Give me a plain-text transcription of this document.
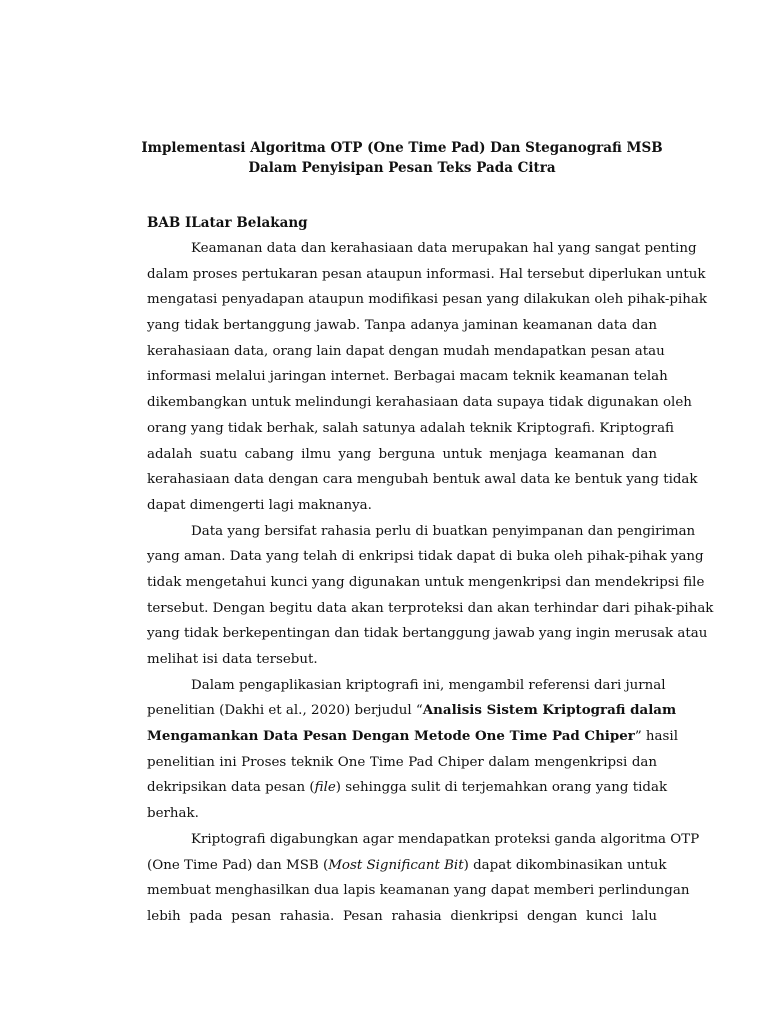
Implementasi Algoritma OTP (One Time Pad) Dan Steganografi MSB
Dalam Penyisipan Pesan Teks Pada Citra
BAB ILatar Belakang
Keamanan data dan kerahasiaan data merupakan hal yang sangat penting
dalam proses pertukaran pesan ataupun informasi. Hal tersebut diperlukan untuk
mengatasi penyadapan ataupun modifikasi pesan yang dilakukan oleh pihak-pihak
yang tidak bertanggung jawab. Tanpa adanya jaminan keamanan data dan
kerahasiaan data, orang lain dapat dengan mudah mendapatkan pesan atau
informasi melalui jaringan internet. Berbagai macam teknik keamanan telah
dikembangkan untuk melindungi kerahasiaan data supaya tidak digunakan oleh
orang yang tidak berhak, salah satunya adalah teknik Kriptografi. Kriptografi
adalah suatu cabang ilmu yang berguna untuk menjaga keamanan dan
kerahasiaan data dengan cara mengubah bentuk awal data ke bentuk yang tidak
dapat dimengerti lagi maknanya.
Data yang bersifat rahasia perlu di buatkan penyimpanan dan pengiriman
yang aman. Data yang telah di enkripsi tidak dapat di buka oleh pihak-pihak yang
tidak mengetahui kunci yang digunakan untuk mengenkripsi dan mendekripsi file
tersebut. Dengan begitu data akan terproteksi dan akan terhindar dari pihak-pihak
yang tidak berkepentingan dan tidak bertanggung jawab yang ingin merusak atau
melihat isi data tersebut.
Dalam pengaplikasian kriptografi ini, mengambil referensi dari jurnal
penelitian (Dakhi et al., 2020) berjudul “Analisis Sistem Kriptografi dalam
Mengamankan Data Pesan Dengan Metode One Time Pad Chiper” hasil
penelitian ini Proses teknik One Time Pad Chiper dalam mengenkripsi dan
dekripsikan data pesan (file) sehingga sulit di terjemahkan orang yang tidak
berhak.
Kriptografi digabungkan agar mendapatkan proteksi ganda algoritma OTP
(One Time Pad) dan MSB (Most Significant Bit) dapat dikombinasikan untuk
membuat menghasilkan dua lapis keamanan yang dapat memberi perlindungan
lebih pada pesan rahasia. Pesan rahasia dienkripsi dengan kunci lalu
